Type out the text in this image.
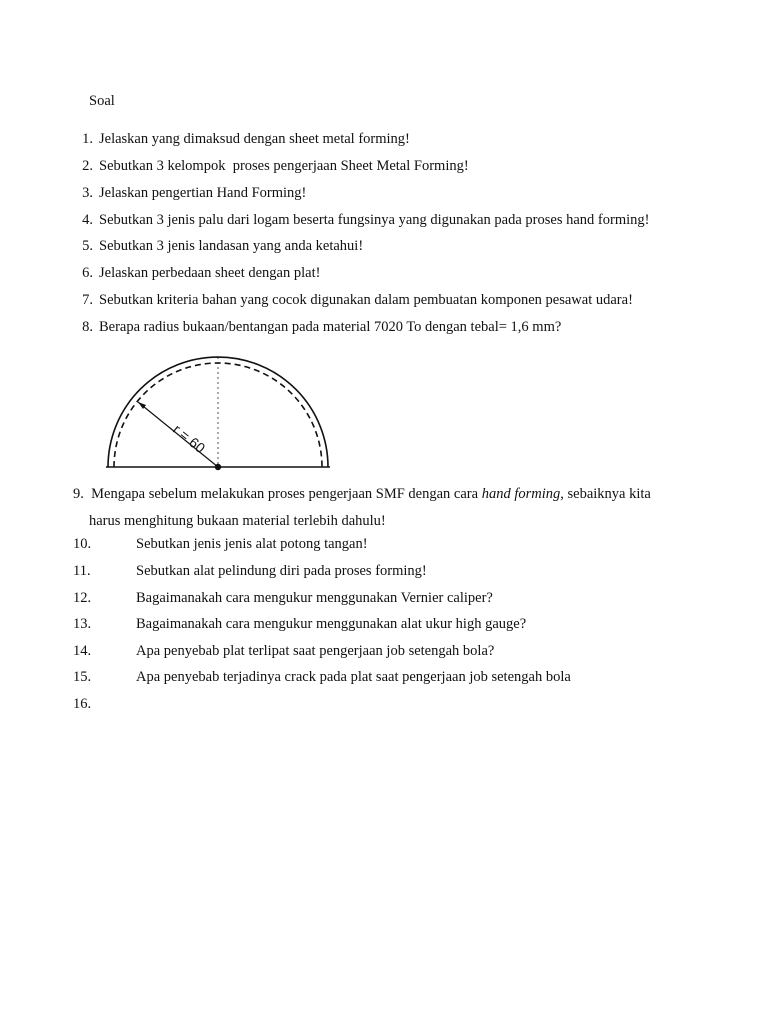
Soal
1. Jelaskan yang dimaksud dengan sheet metal forming!
2. Sebutkan 3 kelompok  proses pengerjaan Sheet Metal Forming!
3. Jelaskan pengertian Hand Forming!
4. Sebutkan 3 jenis palu dari logam beserta fungsinya yang digunakan pada proses hand forming!
5. Sebutkan 3 jenis landasan yang anda ketahui!
6. Jelaskan perbedaan sheet dengan plat!
7. Sebutkan kriteria bahan yang cocok digunakan dalam pembuatan komponen pesawat udara!
8. Berapa radius bukaan/bentangan pada material 7020 To dengan tebal= 1,6 mm?
r = 60
9. Mengapa sebelum melakukan proses pengerjaan SMF dengan cara hand forming, sebaiknya kita
harus menghitung bukaan material terlebih dahulu!
10.	Sebutkan jenis jenis alat potong tangan!
11.	Sebutkan alat pelindung diri pada proses forming!
12.	Bagaimanakah cara mengukur menggunakan Vernier caliper?
13.	Bagaimanakah cara mengukur menggunakan alat ukur high gauge?
14.	Apa penyebab plat terlipat saat pengerjaan job setengah bola?
15.	Apa penyebab terjadinya crack pada plat saat pengerjaan job setengah bola
16.
